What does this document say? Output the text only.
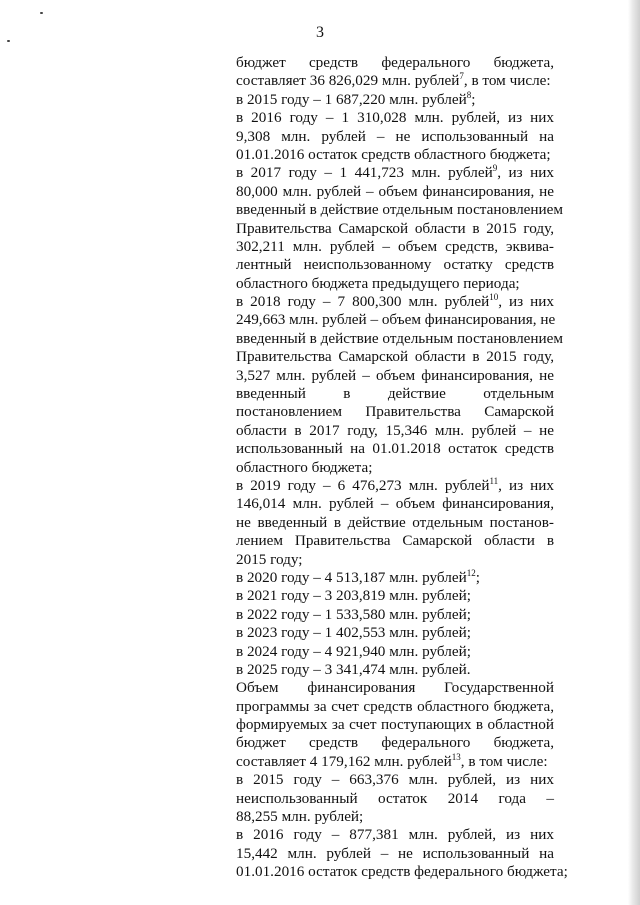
3
бюджет средств федерального бюджета,
составляет 36 826,029 млн. рублей$^7$, в том числе:
в 2015 году – 1 687,220 млн. рублей$^8$;
в 2016 году – 1 310,028 млн. рублей, из них
9,308 млн. рублей – не использованный на
01.01.2016 остаток средств областного бюджета;
в 2017 году – 1 441,723 млн. рублей$^9$, из них
80,000 млн. рублей – объем финансирования, не
введенный в действие отдельным постановлением
Правительства Самарской области в 2015 году,
302,211 млн. рублей – объем средств, эквива-
лентный неиспользованному остатку средств
областного бюджета предыдущего периода;
в 2018 году – 7 800,300 млн. рублей$^{10}$, из них
249,663 млн. рублей – объем финансирования, не
введенный в действие отдельным постановлением
Правительства Самарской области в 2015 году,
3,527 млн. рублей – объем финансирования, не
введенный в действие отдельным
постановлением Правительства Самарской
области в 2017 году, 15,346 млн. рублей – не
использованный на 01.01.2018 остаток средств
областного бюджета;
в 2019 году – 6 476,273 млн. рублей$^{11}$, из них
146,014 млн. рублей – объем финансирования,
не введенный в действие отдельным постанов-
лением Правительства Самарской области в
2015 году;
в 2020 году – 4 513,187 млн. рублей$^{12}$;
в 2021 году – 3 203,819 млн. рублей;
в 2022 году – 1 533,580 млн. рублей;
в 2023 году – 1 402,553 млн. рублей;
в 2024 году – 4 921,940 млн. рублей;
в 2025 году – 3 341,474 млн. рублей.
Объем финансирования Государственной
программы за счет средств областного бюджета,
формируемых за счет поступающих в областной
бюджет средств федерального бюджета,
составляет 4 179,162 млн. рублей$^{13}$, в том числе:
в 2015 году – 663,376 млн. рублей, из них
неиспользованный остаток 2014 года –
88,255 млн. рублей;
в 2016 году – 877,381 млн. рублей, из них
15,442 млн. рублей – не использованный на
01.01.2016 остаток средств федерального бюджета;
